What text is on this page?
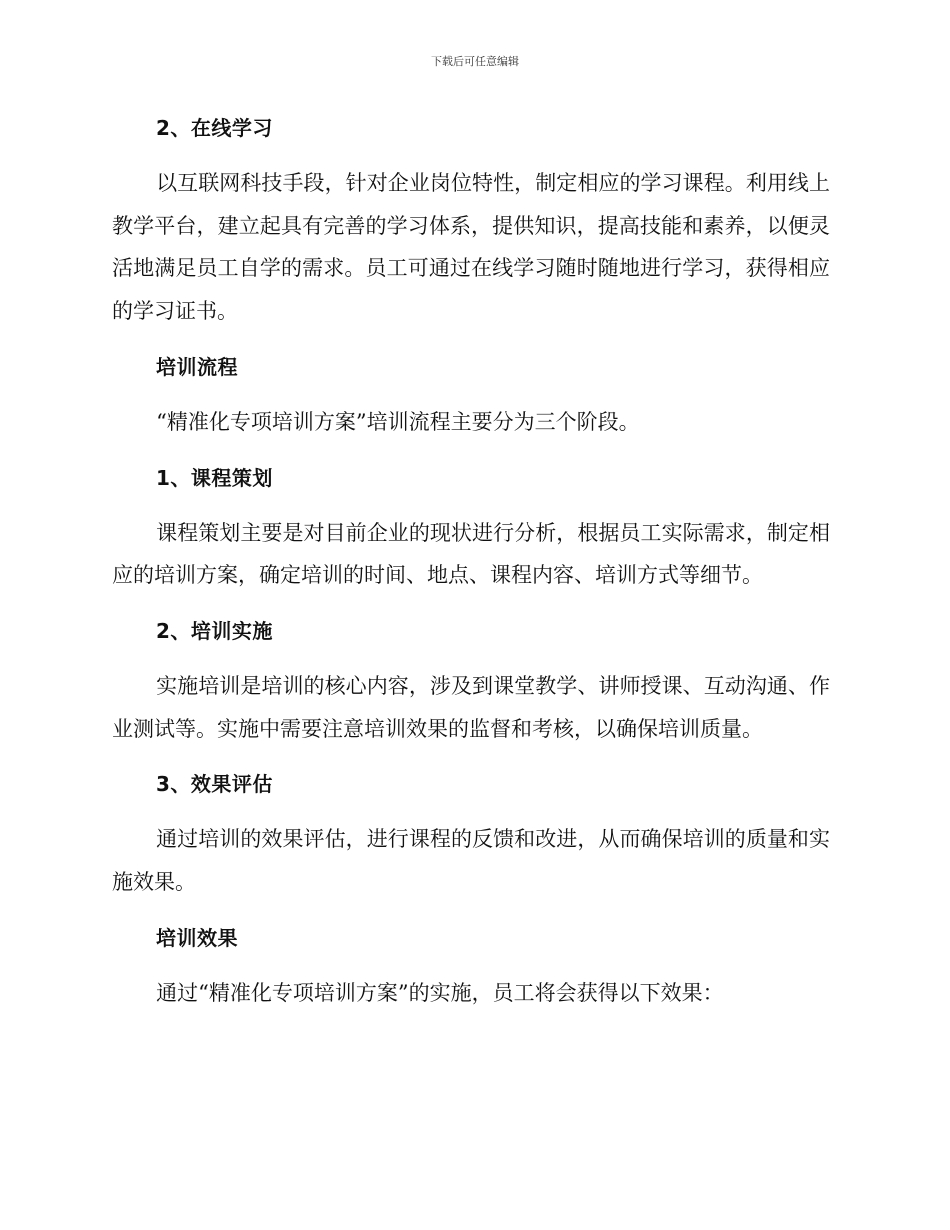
下载后可任意编辑
2、在线学习

以互联网科技手段，针对企业岗位特性，制定相应的学习课程。利用线上教学平台，建立起具有完善的学习体系，提供知识，提高技能和素养，以便灵活地满足员工自学的需求。员工可通过在线学习随时随地进行学习，获得相应的学习证书。

培训流程

“精准化专项培训方案”培训流程主要分为三个阶段。

1、课程策划

课程策划主要是对目前企业的现状进行分析，根据员工实际需求，制定相应的培训方案，确定培训的时间、地点、课程内容、培训方式等细节。

2、培训实施

实施培训是培训的核心内容，涉及到课堂教学、讲师授课、互动沟通、作业测试等。实施中需要注意培训效果的监督和考核，以确保培训质量。

3、效果评估

通过培训的效果评估，进行课程的反馈和改进，从而确保培训的质量和实施效果。

培训效果

通过“精准化专项培训方案”的实施，员工将会获得以下效果：
